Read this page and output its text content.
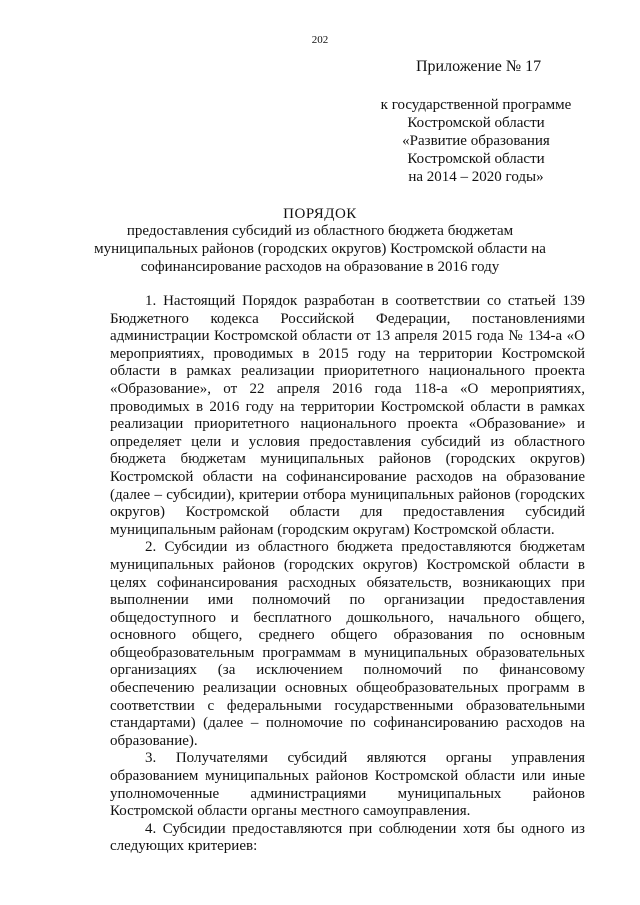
202
Приложение № 17
к государственной программе
Костромской области
«Развитие образования
Костромской области
на 2014 – 2020 годы»
ПОРЯДОК
предоставления субсидий из областного бюджета бюджетам
муниципальных районов (городских округов) Костромской области на
софинансирование расходов на образование в 2016 году

1. Настоящий Порядок разработан в соответствии со статьей 139 Бюджетного кодекса Российской Федерации, постановлениями администрации Костромской области от 13 апреля 2015 года № 134-а «О мероприятиях, проводимых в 2015 году на территории Костромской области в рамках реализации приоритетного национального проекта «Образование», от 22 апреля 2016 года 118-а «О мероприятиях, проводимых в 2016 году на территории Костромской области в рамках реализации приоритетного национального проекта «Образование» и определяет цели и условия предоставления субсидий из областного бюджета бюджетам муниципальных районов (городских округов) Костромской области на софинансирование расходов на образование (далее – субсидии), критерии отбора муниципальных районов (городских округов) Костромской области для предоставления субсидий муниципальным районам (городским округам) Костромской области.

2. Субсидии из областного бюджета предоставляются бюджетам муниципальных районов (городских округов) Костромской области в целях софинансирования расходных обязательств, возникающих при выполнении ими полномочий по организации предоставления общедоступного и бесплатного дошкольного, начального общего, основного общего, среднего общего образования по основным общеобразовательным программам в муниципальных образовательных организациях (за исключением полномочий по финансовому обеспечению реализации основных общеобразовательных программ в соответствии с федеральными государственными образовательными стандартами) (далее – полномочие по софинансированию расходов на образование).

3. Получателями субсидий являются органы управления образованием муниципальных районов Костромской области или иные уполномоченные администрациями муниципальных районов Костромской области органы местного самоуправления.

4. Субсидии предоставляются при соблюдении хотя бы одного из следующих критериев:
